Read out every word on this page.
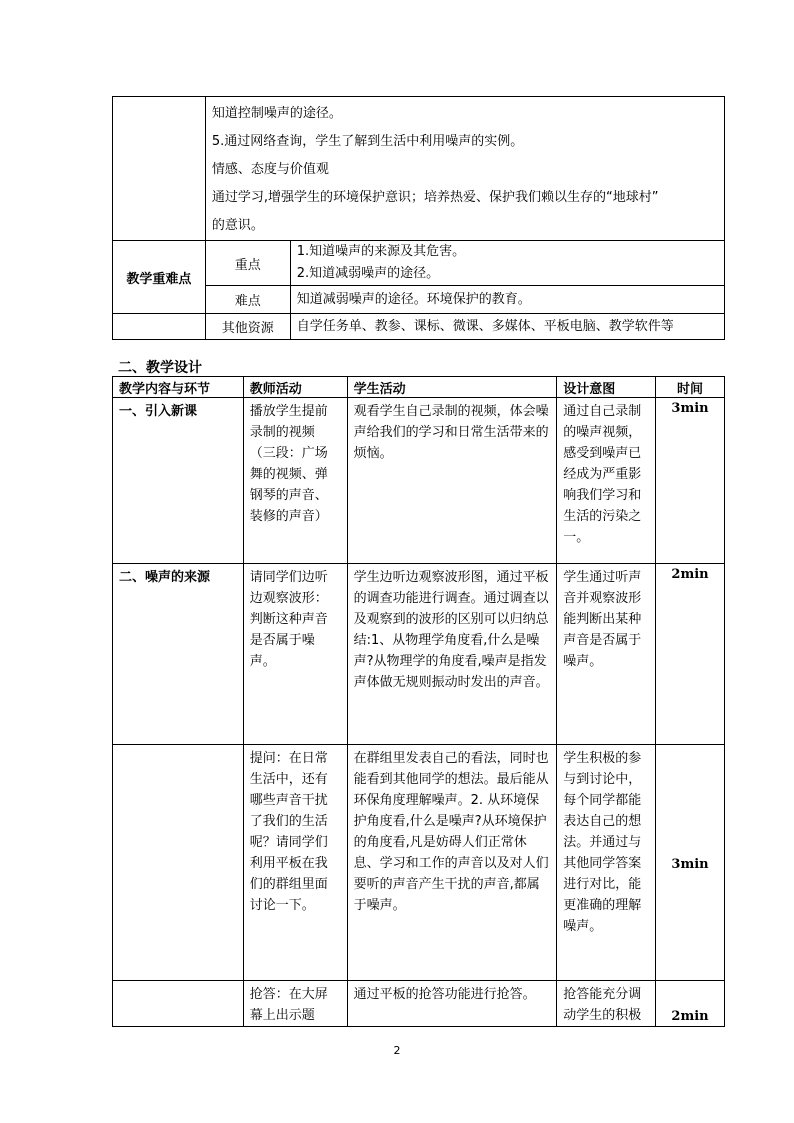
	知道控制噪声的途径。

5.通过网络查询，学生了解到生活中利用噪声的实例。

情感、态度与价值观

通过学习,增强学生的环境保护意识；培养热爱、保护我们赖以生存的“地球村”

的意识。	

教学重难点	重点	1.知道噪声的来源及其危害。
2.知道减弱噪声的途径。

	难点	知道减弱噪声的途径。环境保护的教育。
	其他资源	自学任务单、教参、课标、微课、多媒体、平板电脑、教学软件等
二、教学设计
教学内容与环节	教师活动	学生活动	设计意图	时间
一、引入新课	播放学生提前录制的视频（三段：广场舞的视频、弹钢琴的声音、装修的声音）	观看学生自己录制的视频，体会噪声给我们的学习和日常生活带来的烦恼。	通过自己录制的噪声视频，感受到噪声已经成为严重影响我们学习和生活的污染之一。	3min
二、噪声的来源	请同学们边听边观察波形：判断这种声音是否属于噪声。	学生边听边观察波形图，通过平板的调查功能进行调查。通过调查以及观察到的波形的区别可以归纳总结:1、从物理学角度看,什么是噪声?从物理学的角度看,噪声是指发声体做无规则振动时发出的声音。	学生通过听声音并观察波形能判断出某种声音是否属于噪声。	2min
	提问：在日常生活中，还有哪些声音干扰了我们的生活呢？请同学们利用平板在我们的群组里面讨论一下。	在群组里发表自己的看法，同时也能看到其他同学的想法。最后能从环保角度理解噪声。2. 从环境保护角度看,什么是噪声?从环境保护的角度看,凡是妨碍人们正常休息、学习和工作的声音以及对人们要听的声音产生干扰的声音,都属于噪声。	学生积极的参与到讨论中，每个同学都能表达自己的想法。并通过与其他同学答案进行对比，能更准确的理解噪声。	3min
	抢答：在大屏幕上出示题	通过平板的抢答功能进行抢答。	抢答能充分调动学生的积极	2min
2
